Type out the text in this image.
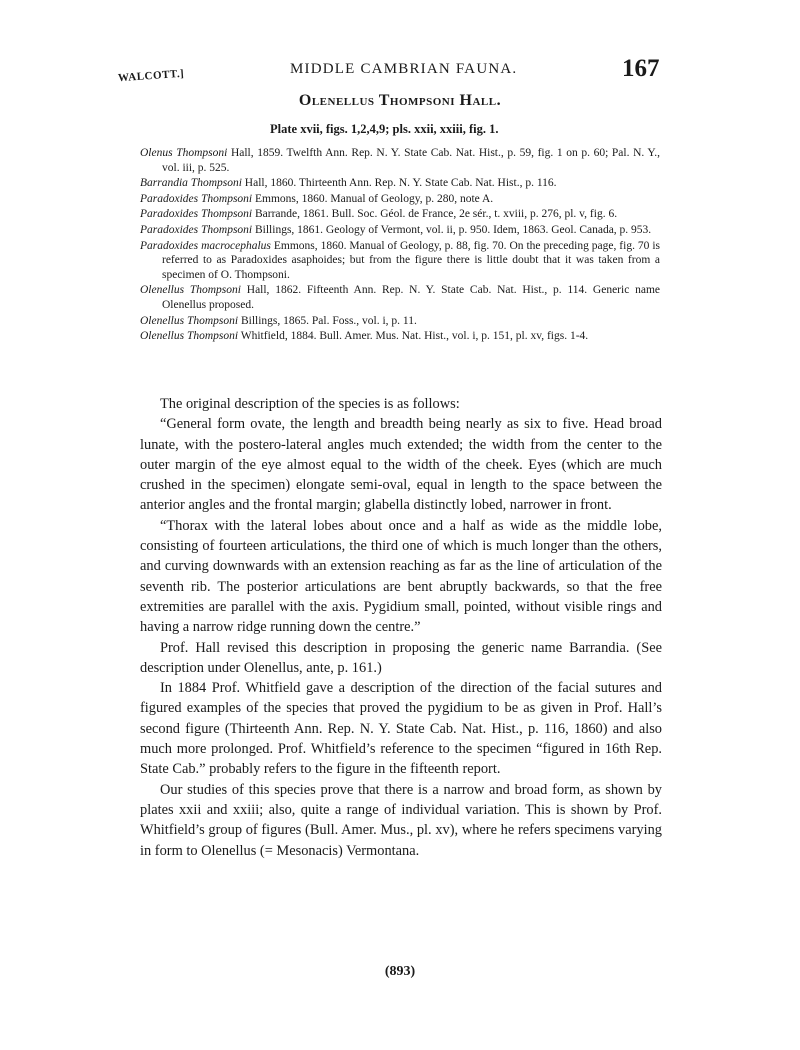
WALCOTT.]	MIDDLE CAMBRIAN FAUNA.	167
Olenellus Thompsoni Hall.
Plate xvii, figs. 1,2,4,9; pls. xxii, xxiii, fig. 1.

Olenus Thompsoni Hall, 1859. Twelfth Ann. Rep. N. Y. State Cab. Nat. Hist., p. 59, fig. 1 on p. 60; Pal. N. Y., vol. iii, p. 525.

Barrandia Thompsoni Hall, 1860. Thirteenth Ann. Rep. N. Y. State Cab. Nat. Hist., p. 116.

Paradoxides Thompsoni Emmons, 1860. Manual of Geology, p. 280, note A.

Paradoxides Thompsoni Barrande, 1861. Bull. Soc. Géol. de France, 2e sér., t. xviii, p. 276, pl. v, fig. 6.

Paradoxides Thompsoni Billings, 1861. Geology of Vermont, vol. ii, p. 950. Idem, 1863. Geol. Canada, p. 953.

Paradoxides macrocephalus Emmons, 1860. Manual of Geology, p. 88, fig. 70. On the preceding page, fig. 70 is referred to as Paradoxides asaphoides; but from the figure there is little doubt that it was taken from a specimen of O. Thompsoni.

Olenellus Thompsoni Hall, 1862. Fifteenth Ann. Rep. N. Y. State Cab. Nat. Hist., p. 114. Generic name Olenellus proposed.

Olenellus Thompsoni Billings, 1865. Pal. Foss., vol. i, p. 11.

Olenellus Thompsoni Whitfield, 1884. Bull. Amer. Mus. Nat. Hist., vol. i, p. 151, pl. xv, figs. 1-4.

The original description of the species is as follows:

“General form ovate, the length and breadth being nearly as six to five. Head broad lunate, with the postero-lateral angles much extended; the width from the center to the outer margin of the eye almost equal to the width of the cheek. Eyes (which are much crushed in the specimen) elongate semi-oval, equal in length to the space between the anterior angles and the frontal margin; glabella distinctly lobed, narrower in front.

“Thorax with the lateral lobes about once and a half as wide as the middle lobe, consisting of fourteen articulations, the third one of which is much longer than the others, and curving downwards with an extension reaching as far as the line of articulation of the seventh rib. The posterior articulations are bent abruptly backwards, so that the free extremities are parallel with the axis. Pygidium small, pointed, without visible rings and having a narrow ridge running down the centre.”

Prof. Hall revised this description in proposing the generic name Barrandia. (See description under Olenellus, ante, p. 161.)

In 1884 Prof. Whitfield gave a description of the direction of the facial sutures and figured examples of the species that proved the pygidium to be as given in Prof. Hall’s second figure (Thirteenth Ann. Rep. N. Y. State Cab. Nat. Hist., p. 116, 1860) and also much more prolonged. Prof. Whitfield’s reference to the specimen “figured in 16th Rep. State Cab.” probably refers to the figure in the fifteenth report.

Our studies of this species prove that there is a narrow and broad form, as shown by plates xxii and xxiii; also, quite a range of individual variation. This is shown by Prof. Whitfield’s group of figures (Bull. Amer. Mus., pl. xv), where he refers specimens varying in form to Olenellus (= Mesonacis) Vermontana.

(893)
